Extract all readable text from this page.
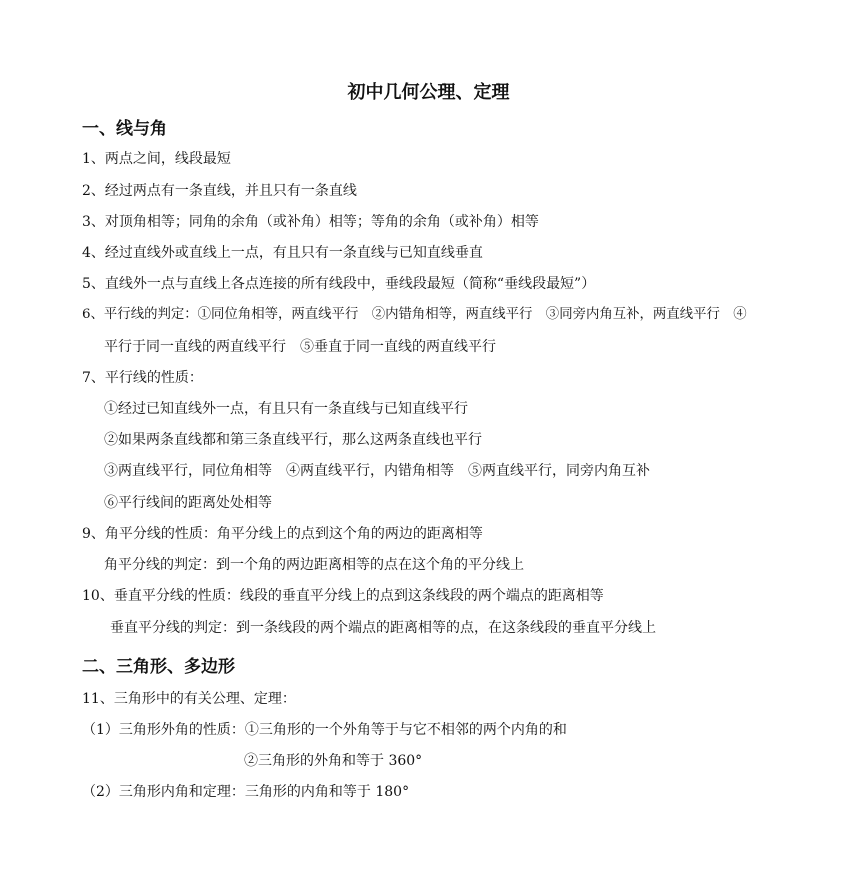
初中几何公理、定理
一、线与角
1、两点之间，线段最短
2、经过两点有一条直线，并且只有一条直线
3、对顶角相等；同角的余角（或补角）相等；等角的余角（或补角）相等
4、经过直线外或直线上一点，有且只有一条直线与已知直线垂直
5、直线外一点与直线上各点连接的所有线段中，垂线段最短（简称“垂线段最短”）
6、平行线的判定：①同位角相等，两直线平行　②内错角相等，两直线平行　③同旁内角互补，两直线平行　④
平行于同一直线的两直线平行　⑤垂直于同一直线的两直线平行
7、平行线的性质：
①经过已知直线外一点，有且只有一条直线与已知直线平行
②如果两条直线都和第三条直线平行，那么这两条直线也平行
③两直线平行，同位角相等　④两直线平行，内错角相等　⑤两直线平行，同旁内角互补
⑥平行线间的距离处处相等
9、角平分线的性质：角平分线上的点到这个角的两边的距离相等
角平分线的判定：到一个角的两边距离相等的点在这个角的平分线上
10、垂直平分线的性质：线段的垂直平分线上的点到这条线段的两个端点的距离相等
垂直平分线的判定：到一条线段的两个端点的距离相等的点，在这条线段的垂直平分线上
二、三角形、多边形
11、三角形中的有关公理、定理：
（1）三角形外角的性质：①三角形的一个外角等于与它不相邻的两个内角的和
②三角形的外角和等于 360°
（2）三角形内角和定理：三角形的内角和等于 180°
